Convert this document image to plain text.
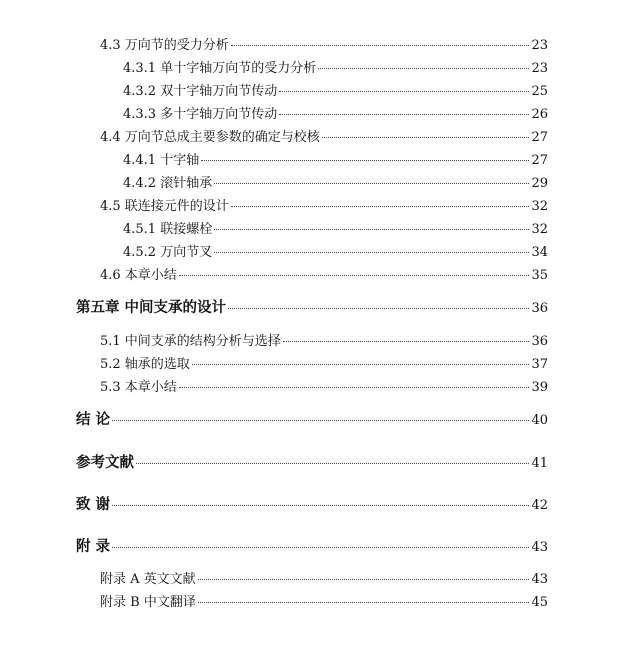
4.3 万向节的受力分析	23
4.3.1 单十字轴万向节的受力分析	23
4.3.2 双十字轴万向节传动	25
4.3.3 多十字轴万向节传动	26
4.4 万向节总成主要参数的确定与校核	27
4.4.1 十字轴	27
4.4.2 滚针轴承	29
4.5 联连接元件的设计	32
4.5.1 联接螺栓	32
4.5.2 万向节叉	34
4.6 本章小结	35
第五章 中间支承的设计	36
5.1 中间支承的结构分析与选择	36
5.2 轴承的选取	37
5.3 本章小结	39
结 论	40
参考文献	41
致 谢	42
附 录	43
附录 A 英文文献	43
附录 B 中文翻译	45
